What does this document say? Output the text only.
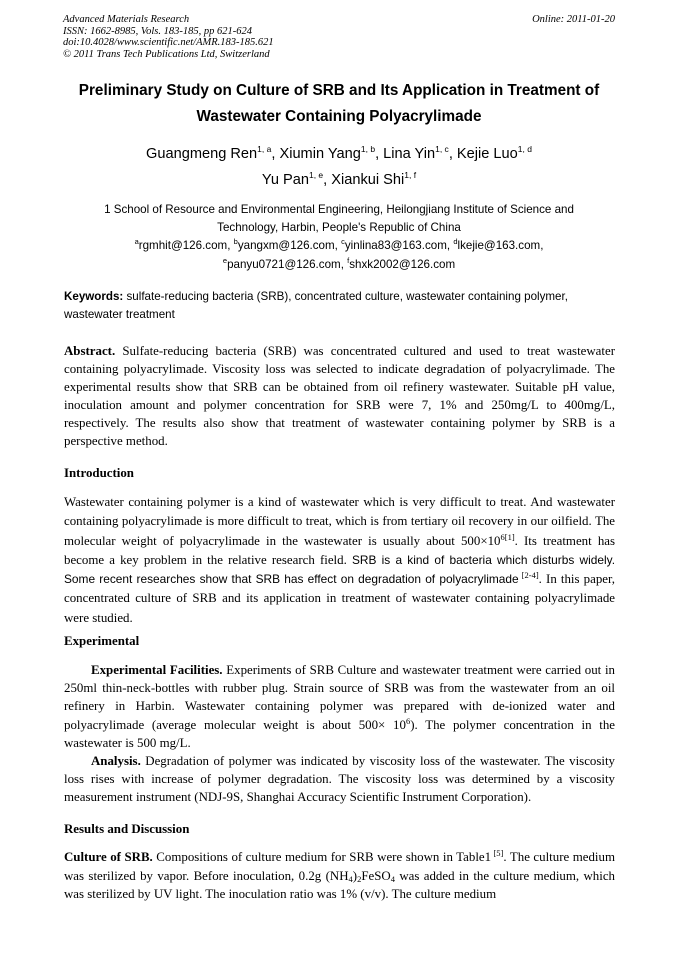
Advanced Materials Research
ISSN: 1662-8985, Vols. 183-185, pp 621-624
doi:10.4028/www.scientific.net/AMR.183-185.621
© 2011 Trans Tech Publications Ltd, Switzerland
Online: 2011-01-20
Preliminary Study on Culture of SRB and Its Application in Treatment of
Wastewater Containing Polyacrylimade
Guangmeng Ren$^{1, a}$, Xiumin Yang$^{1, b}$, Lina Yin$^{1, c}$, Kejie Luo$^{1, d}$
Yu Pan$^{1, e}$, Xiankui Shi$^{1, f}$
1 School of Resource and Environmental Engineering, Heilongjiang Institute of Science and
Technology, Harbin, People's Republic of China
$^a$rgmhit@126.com, $^b$yangxm@126.com, $^c$yinlina83@163.com, $^d$lkejie@163.com,
$^e$panyu0721@126.com, $^f$shxk2002@126.com
Keywords: sulfate-reducing bacteria (SRB), concentrated culture, wastewater containing polymer, wastewater treatment
Abstract. Sulfate-reducing bacteria (SRB) was concentrated cultured and used to treat wastewater containing polyacrylimade. Viscosity loss was selected to indicate degradation of polyacrylimade. The experimental results show that SRB can be obtained from oil refinery wastewater. Suitable pH value, inoculation amount and polymer concentration for SRB were 7, 1% and 250mg/L to 400mg/L, respectively. The results also show that treatment of wastewater containing polymer by SRB is a perspective method.
Introduction
Wastewater containing polymer is a kind of wastewater which is very difficult to treat. And wastewater containing polyacrylimade is more difficult to treat, which is from tertiary oil recovery in our oilfield. The molecular weight of polyacrylimade in the wastewater is usually about $500\times 10^{6[1]}$. Its treatment has become a key problem in the relative research field. SRB is a kind of bacteria which disturbs widely. Some recent researches show that SRB has effect on degradation of polyacrylimade [2-4]. In this paper, concentrated culture of SRB and its application in treatment of wastewater containing polyacrylimade were studied.
Experimental

Experimental Facilities. Experiments of SRB Culture and wastewater treatment were carried out in 250ml thin-neck-bottles with rubber plug. Strain source of SRB was from the wastewater from an oil refinery in Harbin. Wastewater containing polymer was prepared with de-ionized water and polyacrylimade (average molecular weight is about $500\times 10^6$). The polymer concentration in the wastewater is 500 mg/L.

Analysis. Degradation of polymer was indicated by viscosity loss of the wastewater. The viscosity loss rises with increase of polymer degradation. The viscosity loss was determined by a viscosity measurement instrument (NDJ-9S, Shanghai Accuracy Scientific Instrument Corporation).

Results and Discussion
Culture of SRB. Compositions of culture medium for SRB were shown in Table1 [5]. The culture medium was sterilized by vapor. Before inoculation, 0.2g $(NH_4)_2FeSO_4$ was added in the culture medium, which was sterilized by UV light. The inoculation ratio was 1% (v/v). The culture medium
